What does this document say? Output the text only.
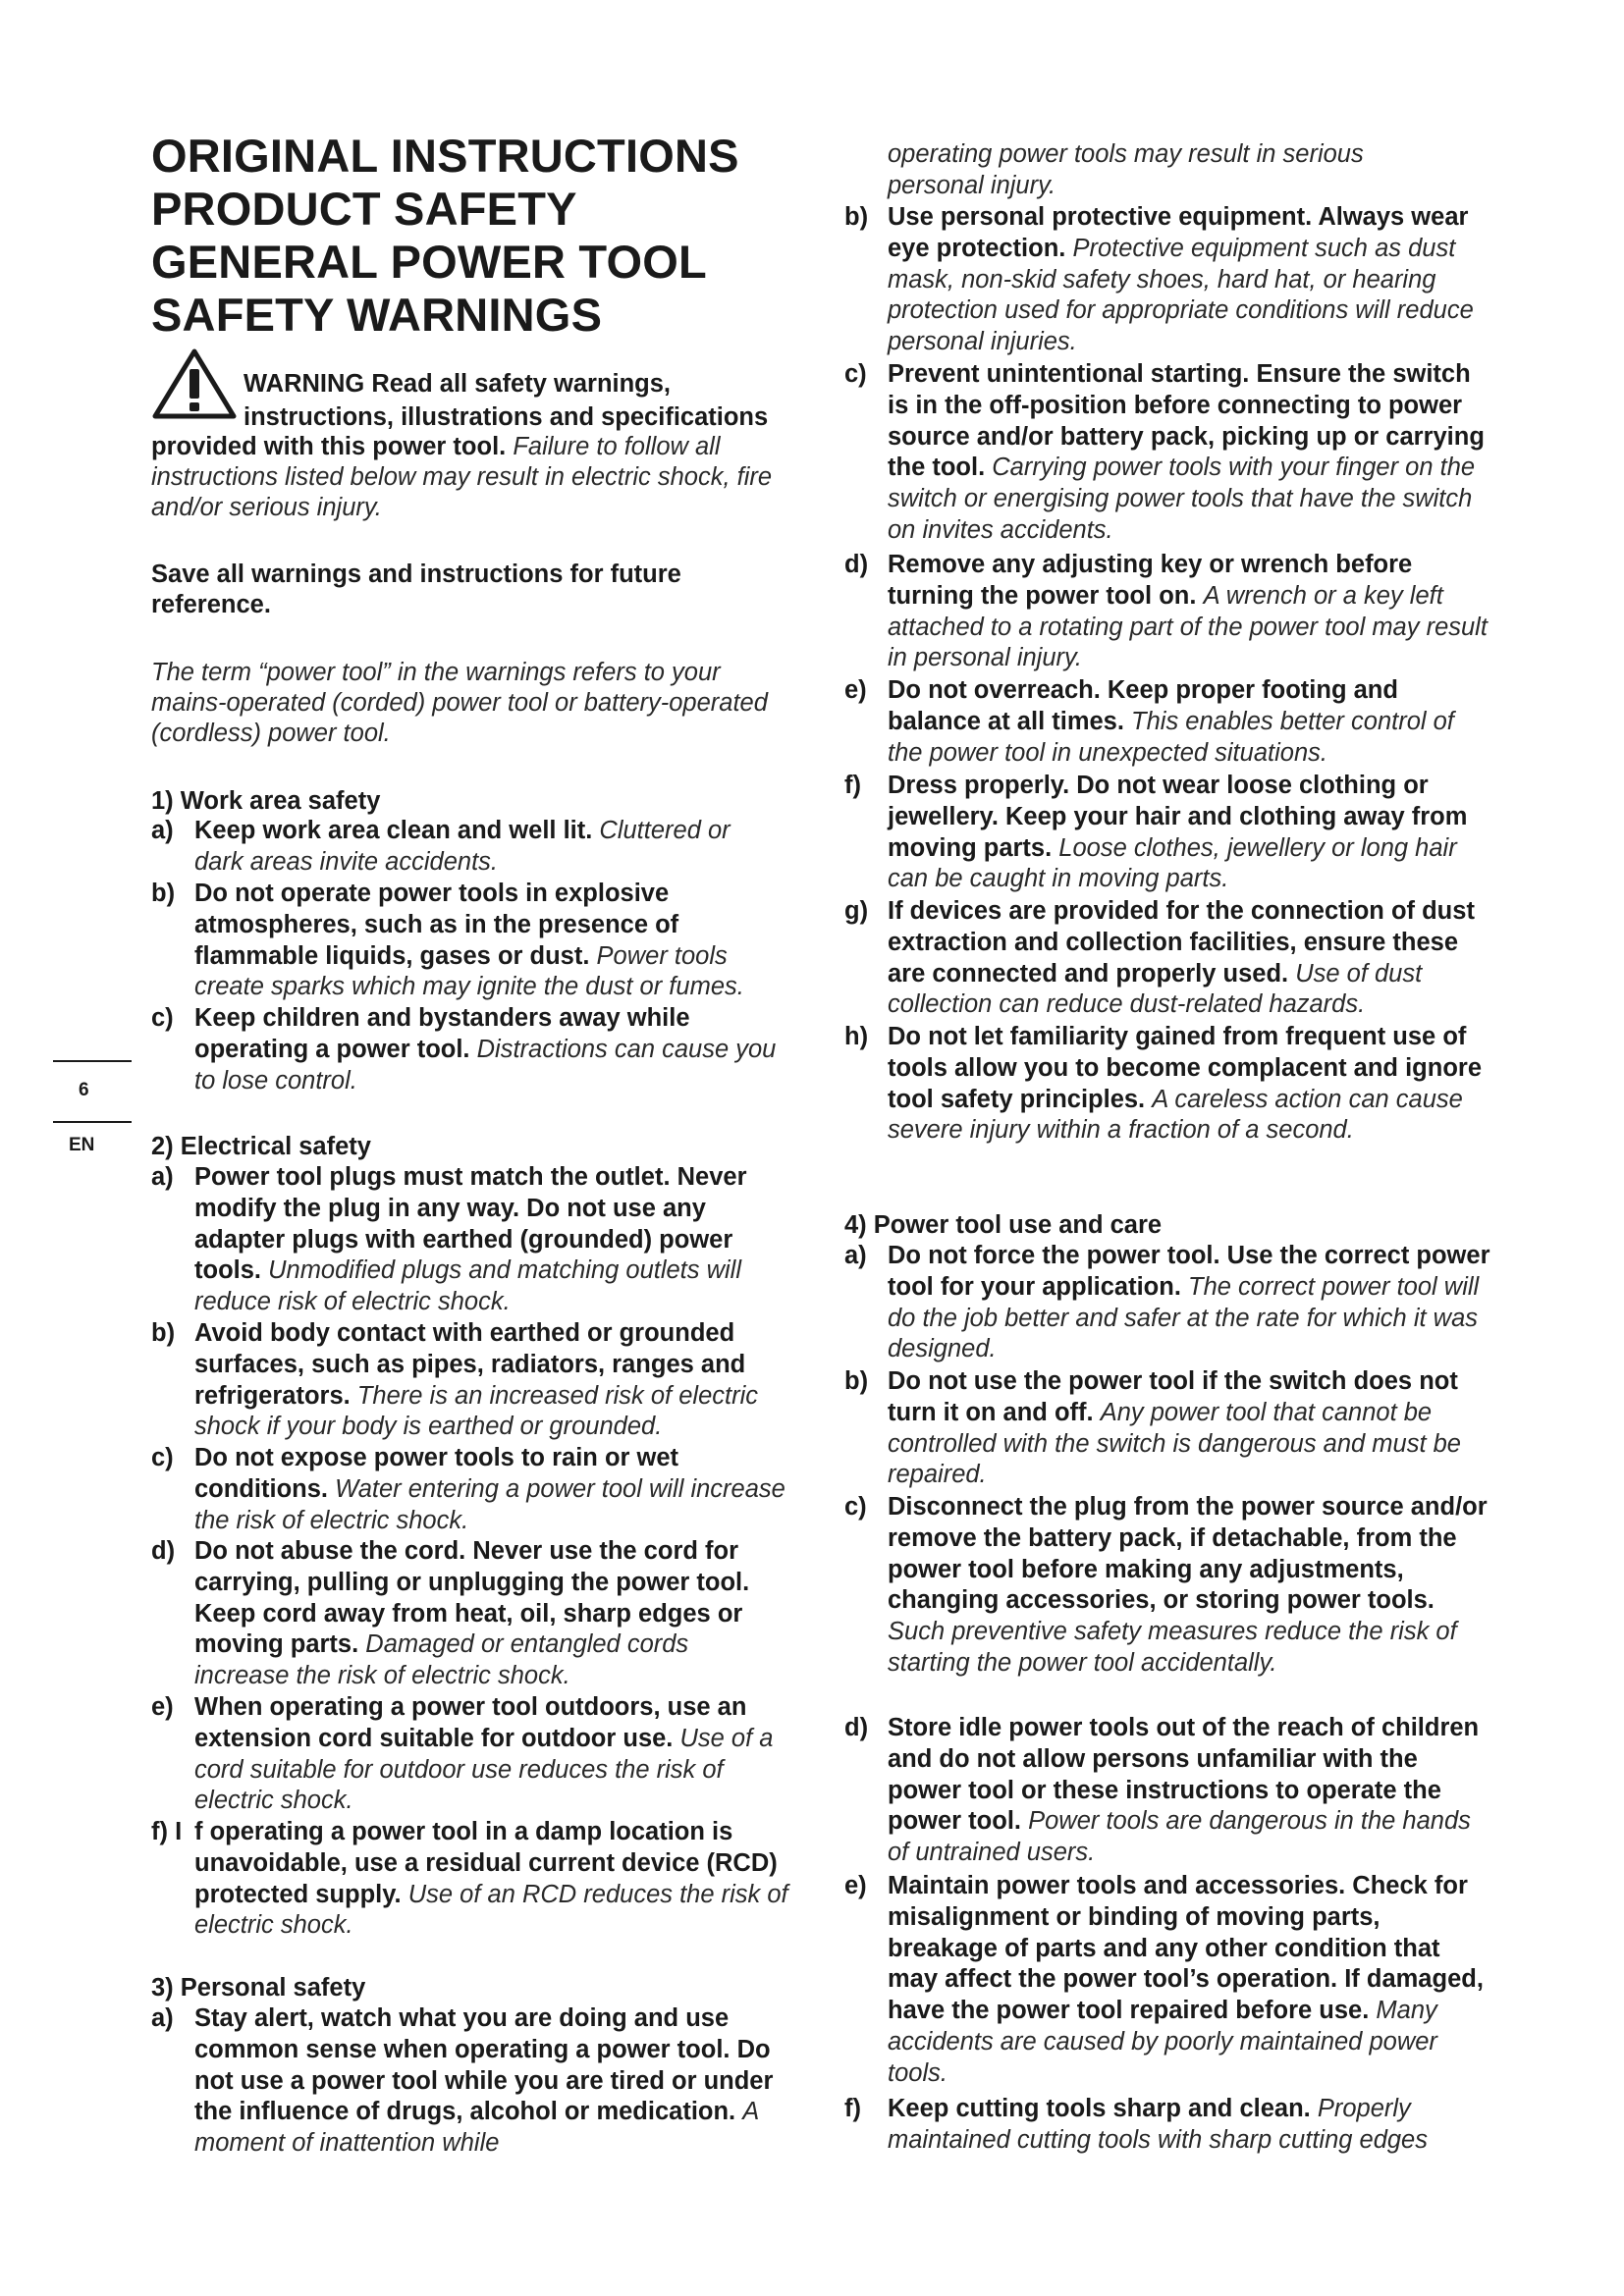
ORIGINAL INSTRUCTIONS
PRODUCT SAFETY
GENERAL POWER TOOL
SAFETY WARNINGS
WARNING Read all safety warnings,
instructions, illustrations and specifications
provided with this power tool. Failure to follow all instructions listed below may result in electric shock, fire and/or serious injury.

Save all warnings and instructions for future reference.

The term “power tool” in the warnings refers to your mains-operated (corded) power tool or battery-operated (cordless) power tool.

1) Work area safety
a) Keep work area clean and well lit. Cluttered or dark areas invite accidents.
b) Do not operate power tools in explosive atmospheres, such as in the presence of flammable liquids, gases or dust. Power tools create sparks which may ignite the dust or fumes.
c) Keep children and bystanders away while operating a power tool. Distractions can cause you to lose control.
6
EN 2) Electrical safety
a) Power tool plugs must match the outlet. Never modify the plug in any way. Do not use any adapter plugs with earthed (grounded) power tools. Unmodified plugs and matching outlets will reduce risk of electric shock.
b) Avoid body contact with earthed or grounded surfaces, such as pipes, radiators, ranges and refrigerators. There is an increased risk of electric shock if your body is earthed or grounded.
c) Do not expose power tools to rain or wet conditions. Water entering a power tool will increase the risk of electric shock.
d) Do not abuse the cord. Never use the cord for carrying, pulling or unplugging the power tool. Keep cord away from heat, oil, sharp edges or moving parts. Damaged or entangled cords increase the risk of electric shock.
e) When operating a power tool outdoors, use an extension cord suitable for outdoor use. Use of a cord suitable for outdoor use reduces the risk of electric shock.
f) I f operating a power tool in a damp location is unavoidable, use a residual current device (RCD) protected supply. Use of an RCD reduces the risk of electric shock.
3) Personal safety
a) Stay alert, watch what you are doing and use common sense when operating a power tool. Do not use a power tool while you are tired or under the influence of drugs, alcohol or medication. A moment of inattention while
operating power tools may result in serious personal injury.
b) Use personal protective equipment. Always wear eye protection. Protective equipment such as dust mask, non-skid safety shoes, hard hat, or hearing protection used for appropriate conditions will reduce personal injuries.
c) Prevent unintentional starting. Ensure the switch is in the off-position before connecting to power source and/or battery pack, picking up or carrying the tool. Carrying power tools with your finger on the switch or energising power tools that have the switch on invites accidents.
d) Remove any adjusting key or wrench before turning the power tool on. A wrench or a key left attached to a rotating part of the power tool may result in personal injury.
e) Do not overreach. Keep proper footing and balance at all times. This enables better control of the power tool in unexpected situations.
f)	Dress properly. Do not wear loose clothing or jewellery. Keep your hair and clothing away from moving parts. Loose clothes, jewellery or long hair can be caught in moving parts.
g) If devices are provided for the connection of dust extraction and collection facilities, ensure these are connected and properly used. Use of dust collection can reduce dust-related hazards.
h) Do not let familiarity gained from frequent use of tools allow you to become complacent and ignore tool safety principles. A careless action can cause severe injury within a fraction of a second.
4) Power tool use and care
a) Do not force the power tool. Use the correct power tool for your application. The correct power tool will do the job better and safer at the rate for which it was designed.
b) Do not use the power tool if the switch does not turn it on and off. Any power tool that cannot be controlled with the switch is dangerous and must be repaired.
c) Disconnect the plug from the power source and/or remove the battery pack, if detachable, from the power tool before making any adjustments, changing accessories, or storing power tools. Such preventive safety measures reduce the risk of starting the power tool accidentally.
d) Store idle power tools out of the reach of children and do not allow persons unfamiliar with the power tool or these instructions to operate the power tool. Power tools are dangerous in the hands of untrained users.
e) Maintain power tools and accessories. Check for misalignment or binding of moving parts, breakage of parts and any other condition that may affect the power tool’s operation. If damaged, have the power tool repaired before use. Many accidents are caused by poorly maintained power tools.
f)	Keep cutting tools sharp and clean. Properly maintained cutting tools with sharp cutting edges
